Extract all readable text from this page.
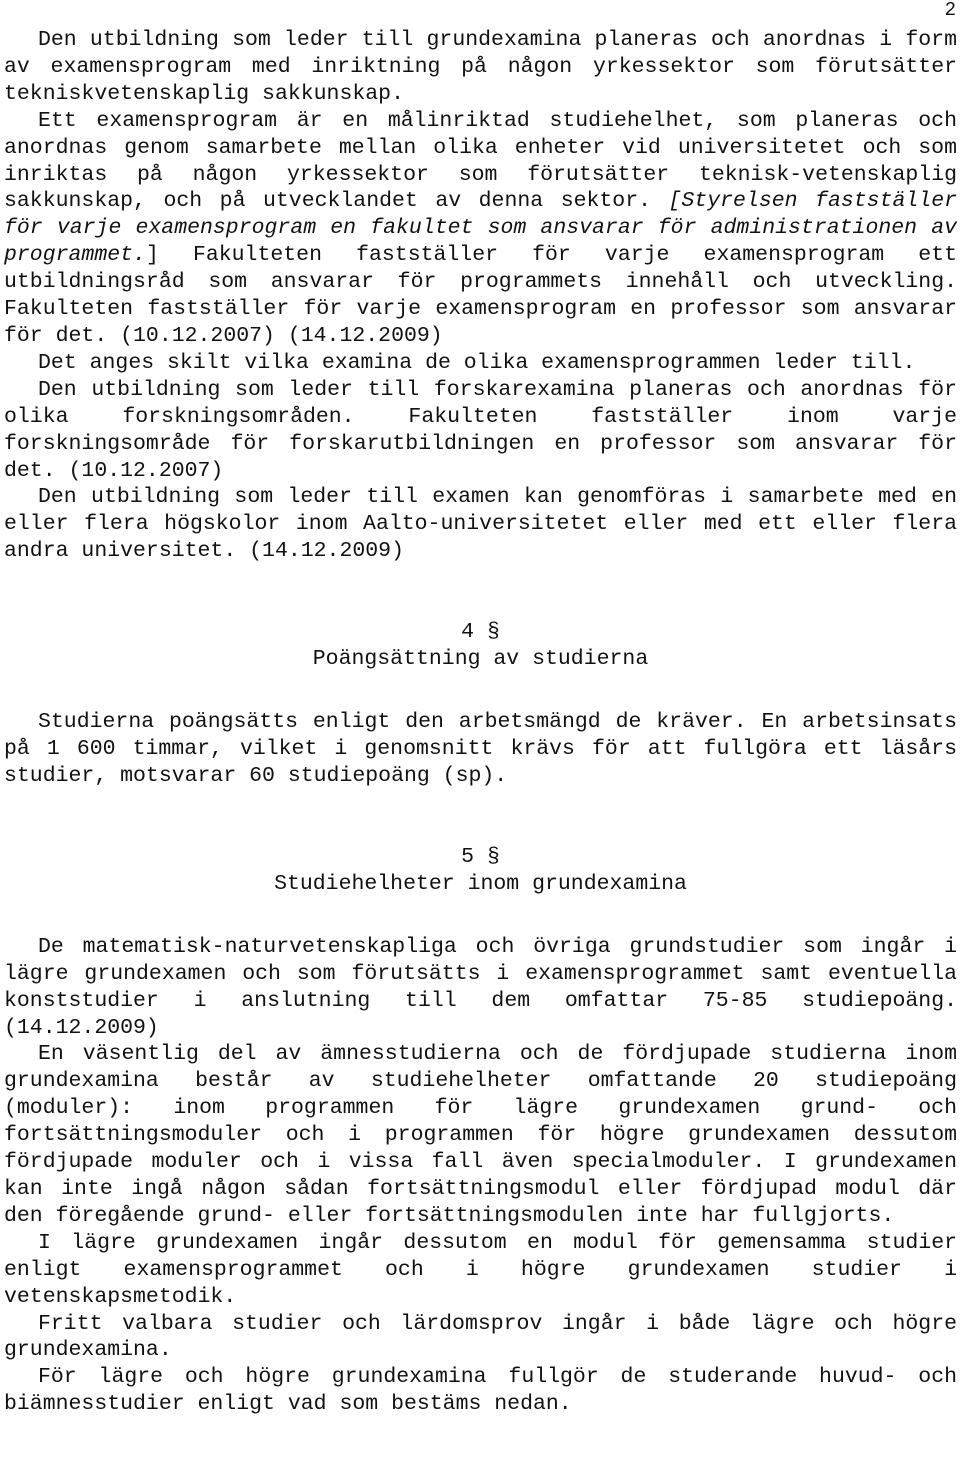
2

Den utbildning som leder till grundexamina planeras och anordnas i form av examensprogram med inriktning på någon yrkessektor som förutsätter tekniskvetenskaplig sakkunskap.

Ett examensprogram är en målinriktad studiehelhet, som planeras och anordnas genom samarbete mellan olika enheter vid universitetet och som inriktas på någon yrkessektor som förutsätter teknisk-vetenskaplig sakkunskap, och på utvecklandet av denna sektor. [Styrelsen fastställer för varje examensprogram en fakultet som ansvarar för administrationen av programmet.] Fakulteten fastställer för varje examensprogram ett utbildningsråd som ansvarar för programmets innehåll och utveckling. Fakulteten fastställer för varje examensprogram en professor som ansvarar för det. (10.12.2007) (14.12.2009)

Det anges skilt vilka examina de olika examensprogrammen leder till.

Den utbildning som leder till forskarexamina planeras och anordnas för olika forskningsområden. Fakulteten fastställer inom varje forskningsområde för forskarutbildningen en professor som ansvarar för det. (10.12.2007)

Den utbildning som leder till examen kan genomföras i samarbete med en eller flera högskolor inom Aalto-universitetet eller med ett eller flera andra universitet. (14.12.2009)

4 §
Poängsättning av studierna

Studierna poängsätts enligt den arbetsmängd de kräver. En arbetsinsats på 1 600 timmar, vilket i genomsnitt krävs för att fullgöra ett läsårs studier, motsvarar 60 studiepoäng (sp).

5 §
Studiehelheter inom grundexamina

De matematisk-naturvetenskapliga och övriga grundstudier som ingår i lägre grundexamen och som förutsätts i examensprogrammet samt eventuella konststudier i anslutning till dem omfattar 75-85 studiepoäng. (14.12.2009)

En väsentlig del av ämnesstudierna och de fördjupade studierna inom grundexamina består av studiehelheter omfattande 20 studiepoäng (moduler): inom programmen för lägre grundexamen grund- och fortsättningsmoduler och i programmen för högre grundexamen dessutom fördjupade moduler och i vissa fall även specialmoduler. I grundexamen kan inte ingå någon sådan fortsättningsmodul eller fördjupad modul där den föregående grund- eller fortsättningsmodulen inte har fullgjorts.

I lägre grundexamen ingår dessutom en modul för gemensamma studier enligt examensprogrammet och i högre grundexamen studier i vetenskapsmetodik.

Fritt valbara studier och lärdomsprov ingår i både lägre och högre grundexamina.

För lägre och högre grundexamina fullgör de studerande huvud- och biämnesstudier enligt vad som bestäms nedan.
